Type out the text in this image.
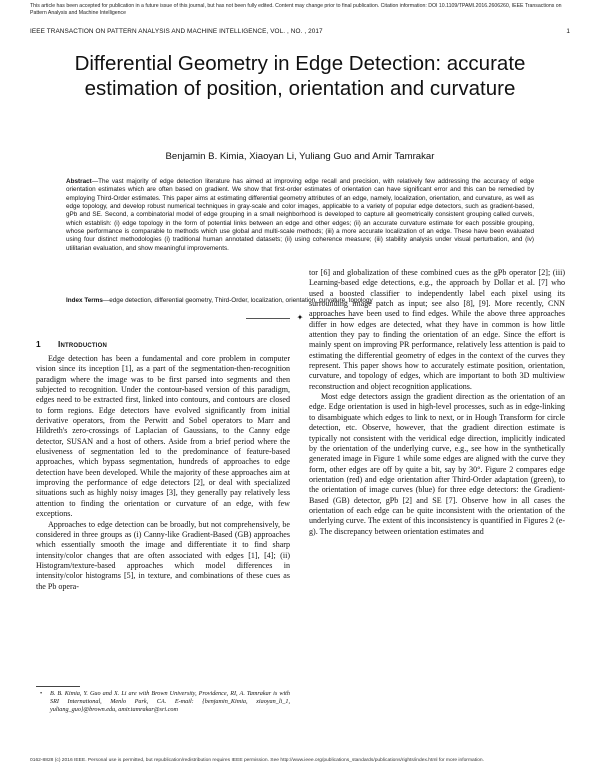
This article has been accepted for publication in a future issue of this journal, but has not been fully edited. Content may change prior to final publication. Citation information: DOI 10.1109/TPAMI.2016.2606260, IEEE Transactions on Pattern Analysis and Machine Intelligence
IEEE TRANSACTION ON PATTERN ANALYSIS AND MACHINE INTELLIGENCE, VOL. , NO. , 2017	1
Differential Geometry in Edge Detection: accurate estimation of position, orientation and curvature
Benjamin B. Kimia, Xiaoyan Li, Yuliang Guo and Amir Tamrakar
Abstract—The vast majority of edge detection literature has aimed at improving edge recall and precision, with relatively few addressing the accuracy of edge orientation estimates which are often based on gradient. We show that first-order estimates of orientation can have significant error and this can be remedied by employing Third-Order estimates. This paper aims at estimating differential geometry attributes of an edge, namely, localization, orientation, and curvature, as well as edge topology, and develop robust numerical techniques in gray-scale and color images, applicable to a variety of popular edge detectors, such as gradient-based, gPb and SE. Second, a combinatorial model of edge grouping in a small neighborhood is developed to capture all geometrically consistent grouping called curvels, which establish: (i) edge topology in the form of potential links between an edge and other edges; (ii) an accurate curvature estimate for each possible grouping, whose performance is comparable to methods which use global and multi-scale methods; (iii) a more accurate localization of an edge. These have been evaluated using four distinct methodologies (i) traditional human annotated datasets; (ii) using coherence measure; (iii) stability analysis under visual perturbation, and (iv) utilitarian evaluation, and show meaningful improvements.
Index Terms—edge detection, differential geometry, Third-Order, localization, orientation, curvature, topology
✦
1 Introduction

Edge detection has been a fundamental and core problem in computer vision since its inception [1], as a part of the segmentation-then-recognition paradigm where the image was to be first parsed into segments and then subjected to recognition. Under the contour-based version of this paradigm, edges need to be extracted first, linked into contours, and contours are closed to form regions. Edge detectors have evolved significantly from initial derivative operators, from the Perwitt and Sobel operators to Marr and Hildreth's zero-crossings of Laplacian of Gaussians, to the Canny edge detector, SUSAN and a host of others. Aside from a brief period where the elusiveness of segmentation led to the predominance of feature-based approaches, which bypass segmentation, hundreds of approaches to edge detection have been developed. While the majority of these approaches aim at improving the performance of edge detectors [2], or deal with specialized situations such as highly noisy images [3], they generally pay relatively less attention to finding the orientation or curvature of an edge, with few exceptions.

Approaches to edge detection can be broadly, but not comprehensively, be considered in three groups as (i) Canny-like Gradient-Based (GB) approaches which essentially smooth the image and differentiate it to find sharp intensity/color changes that are often associated with edges [1], [4]; (ii) Histogram/texture-based approaches which model differences in intensity/color histograms [5], in texture, and combinations of these cues as the Pb opera-

tor [6] and globalization of these combined cues as the gPb operator [2]; (iii) Learning-based edge detections, e.g., the approach by Dollar et al. [7] who used a boosted classifier to independently label each pixel using its surrounding image patch as input; see also [8], [9]. More recently, CNN approaches have been used to find edges. While the above three approaches differ in how edges are detected, what they have in common is how little attention they pay to finding the orientation of an edge. Since the effort is mainly spent on improving PR performance, relatively less attention is paid to estimating the differential geometry of edges in the context of the curves they represent. This paper shows how to accurately estimate position, orientation, curvature, and topology of edges, which are important to both 3D multiview reconstruction and object recognition applications.

Most edge detectors assign the gradient direction as the orientation of an edge. Edge orientation is used in high-level processes, such as in edge-linking to disambiguate which edges to link to next, or in Hough Transform for circle detection, etc. Observe, however, that the gradient direction estimate is typically not consistent with the veridical edge direction, implicitly indicated by the orientation of the underlying curve, e.g., see how in the synthetically generated image in Figure 1 while some edges are aligned with the curve they form, other edges are off by quite a bit, say by 30°. Figure 2 compares edge orientation (red) and edge orientation after Third-Order adaptation (green), to the orientation of image curves (blue) for three edge detectors: the Gradient-Based (GB) detector, gPb [2] and SE [7]. Observe how in all cases the orientation of each edge can be quite inconsistent with the orientation of the underlying curve. The extent of this inconsistency is quantified in Figures 2 (e-g). The discrepancy between orientation estimates and

• B. B. Kimia, Y. Guo and X. Li are with Brown University, Providence, RI, A. Tamrakar is with SRI International, Menlo Park, CA. E-mail: {benjamin_Kimia, xiaoyan_li_1, yuliang_guo}@brown.edu, amir.tamrakar@sri.com
0162-8828 (c) 2016 IEEE. Personal use is permitted, but republication/redistribution requires IEEE permission. See http://www.ieee.org/publications_standards/publications/rights/index.html for more information.
